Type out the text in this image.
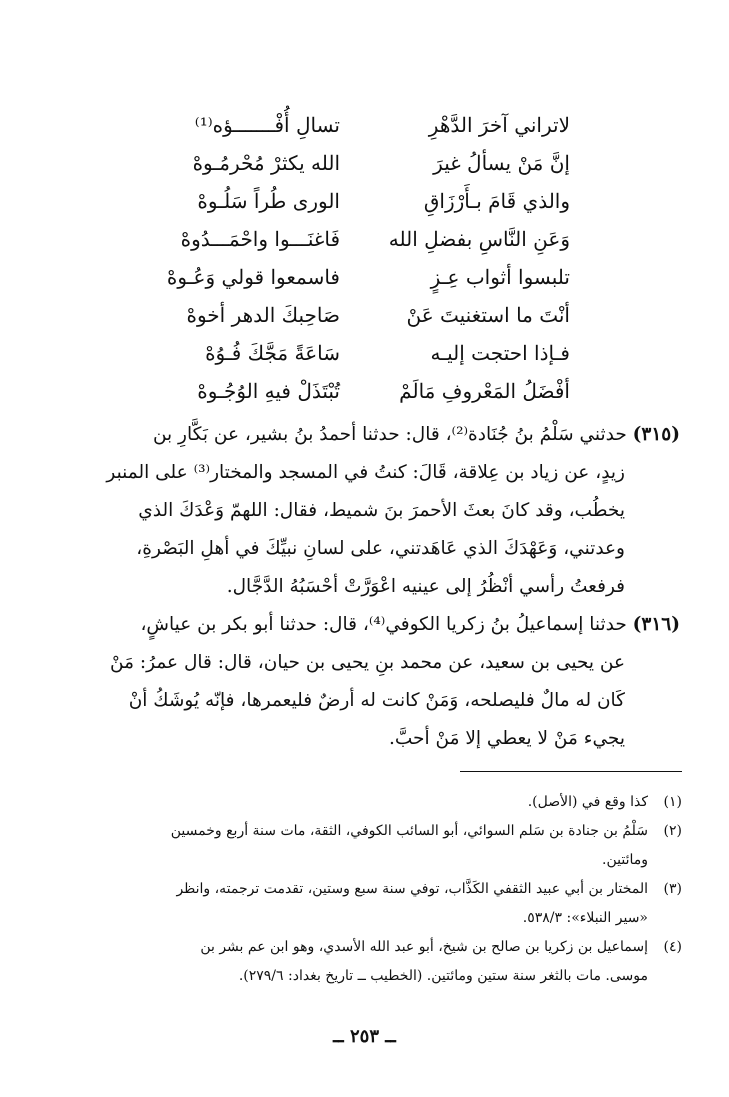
لاتراني آخرَ الدَّهْرِ
تسالِ أُفْـــــــؤه⁽¹⁾
إنَّ مَنْ يسألُ غيرَ
الله يكثرْ مُحْرمُـوهْ
والذي قَامَ بـأَرْزَاقِ
الورى طُراً سَلُـوهْ
وَعَنِ النَّاسِ بفضلِ الله
فَاغنَـــوا واحْمَـــدُوهْ
تلبسوا أثواب عِـزٍ
فاسمعوا قولي وَعُـوهْ
أنْتَ ما استغنيتَ عَنْ
صَاحِبكَ الدهر أخوهْ
فـإذا احتجت إليـه
سَاعَةً مَجَّكَ فُـوُهْ
أفْضَلُ المَعْروفِ مَالَمْ
تُبْتَذَلْ فيهِ الوُجُـوهْ
(٣١٥) حدثني سَلْمُ بنُ جُنَادة⁽²⁾، قال: حدثنا أحمدُ بنُ بشير، عن بَكَّارِ بن
زيدٍ، عن زياد بن عِلاقة، قَالَ: كنتُ في المسجد والمختار⁽³⁾ على المنبر
يخطُب، وقد كانَ بعثَ الأحمرَ بنَ شميط، فقال: اللهمّ وَعْدَكَ الذي
وعدتني، وَعَهْدَكَ الذي عَاهَدتني، على لسانِ نبيِّكَ في أهلِ البَصْرةِ،
فرفعتُ رأسي أنْظُرُ إلى عينيه اعْوَرَّتْ أحْسَبُهُ الدَّجَّال.
(٣١٦) حدثنا إسماعيلُ بنُ زكريا الكوفي⁽⁴⁾، قال: حدثنا أبو بكر بن عياشٍ،
عن يحيى بن سعيد، عن محمد بنِ يحيى بن حيان، قال: قال عمرُ: مَنْ
كَان له مالٌ فليصلحه، وَمَنْ كانت له أرضٌ فليعمرها، فإنّه يُوشَكُ أنْ
يجيء مَنْ لا يعطي إلا مَنْ أحبَّ.
(١)
كذا وقع في (الأصل).
(٢)
سَلْمُ بن جنادة بن سَلم السوائي، أبو السائب الكوفي، الثقة، مات سنة أربع وخمسين
ومائتين.
(٣)
المختار بن أبي عبيد الثقفي الكَذَّاب، توفي سنة سبع وستين، تقدمت ترجمته، وانظر
«سير النبلاء»: ٥٣٨/٣.
(٤)
إسماعيل بن زكريا بن صالح بن شيخ، أبو عبد الله الأسدي، وهو ابن عم بشر بن
موسى. مات بالثغر سنة ستين ومائتين. (الخطيب ــ تاريخ بغداد: ٢٧٩/٦).
ــ ٢٥٣ ــ
